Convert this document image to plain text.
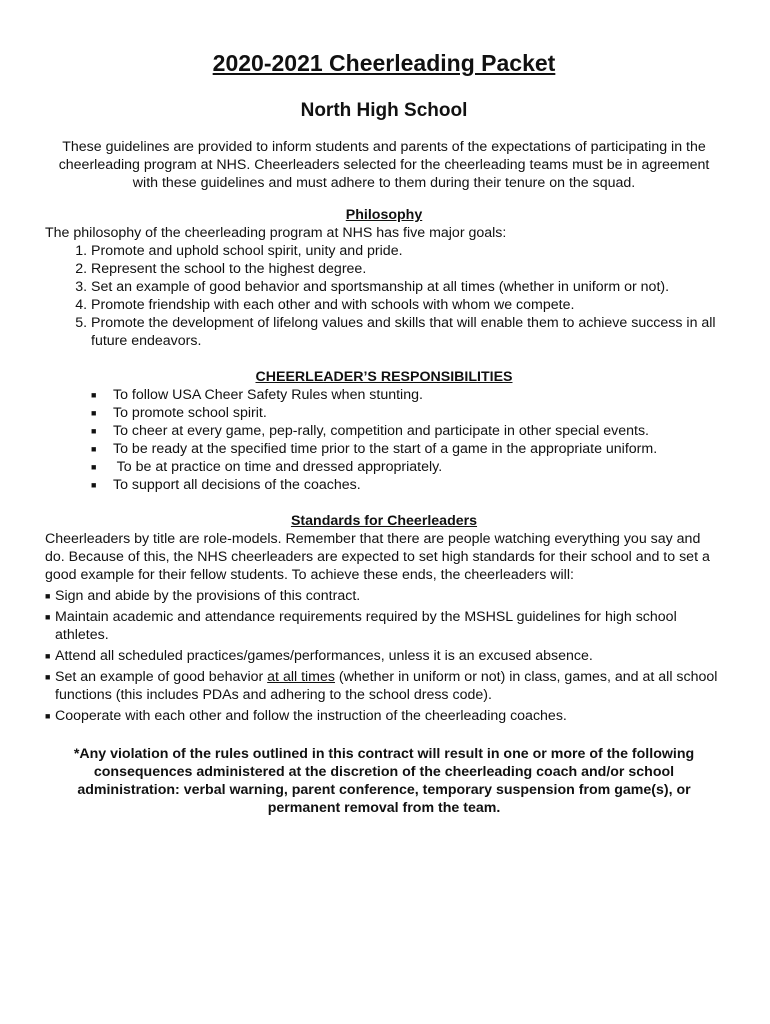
2020-2021 Cheerleading Packet
North High School

These guidelines are provided to inform students and parents of the expectations of participating in the cheerleading program at NHS. Cheerleaders selected for the cheerleading teams must be in agreement with these guidelines and must adhere to them during their tenure on the squad.

Philosophy

The philosophy of the cheerleading program at NHS has five major goals:

1. Promote and uphold school spirit, unity and pride.
2. Represent the school to the highest degree.
3. Set an example of good behavior and sportsmanship at all times (whether in uniform or not).
4. Promote friendship with each other and with schools with whom we compete.
5. Promote the development of lifelong values and skills that will enable them to achieve success in all future endeavors.

CHEERLEADER’S RESPONSIBILITIES

■ To follow USA Cheer Safety Rules when stunting.
■ To promote school spirit.
■ To cheer at every game, pep-rally, competition and participate in other special events.
■ To be ready at the specified time prior to the start of a game in the appropriate uniform.
■ To be at practice on time and dressed appropriately.
■ To support all decisions of the coaches.

Standards for Cheerleaders

Cheerleaders by title are role-models. Remember that there are people watching everything you say and do. Because of this, the NHS cheerleaders are expected to set high standards for their school and to set a good example for their fellow students. To achieve these ends, the cheerleaders will:

■ Sign and abide by the provisions of this contract.
■ Maintain academic and attendance requirements required by the MSHSL guidelines for high school athletes.
■ Attend all scheduled practices/games/performances, unless it is an excused absence.
■ Set an example of good behavior at all times (whether in uniform or not) in class, games, and at all school functions (this includes PDAs and adhering to the school dress code).
■ Cooperate with each other and follow the instruction of the cheerleading coaches.

*Any violation of the rules outlined in this contract will result in one or more of the following consequences administered at the discretion of the cheerleading coach and/or school administration: verbal warning, parent conference, temporary suspension from game(s), or permanent removal from the team.
